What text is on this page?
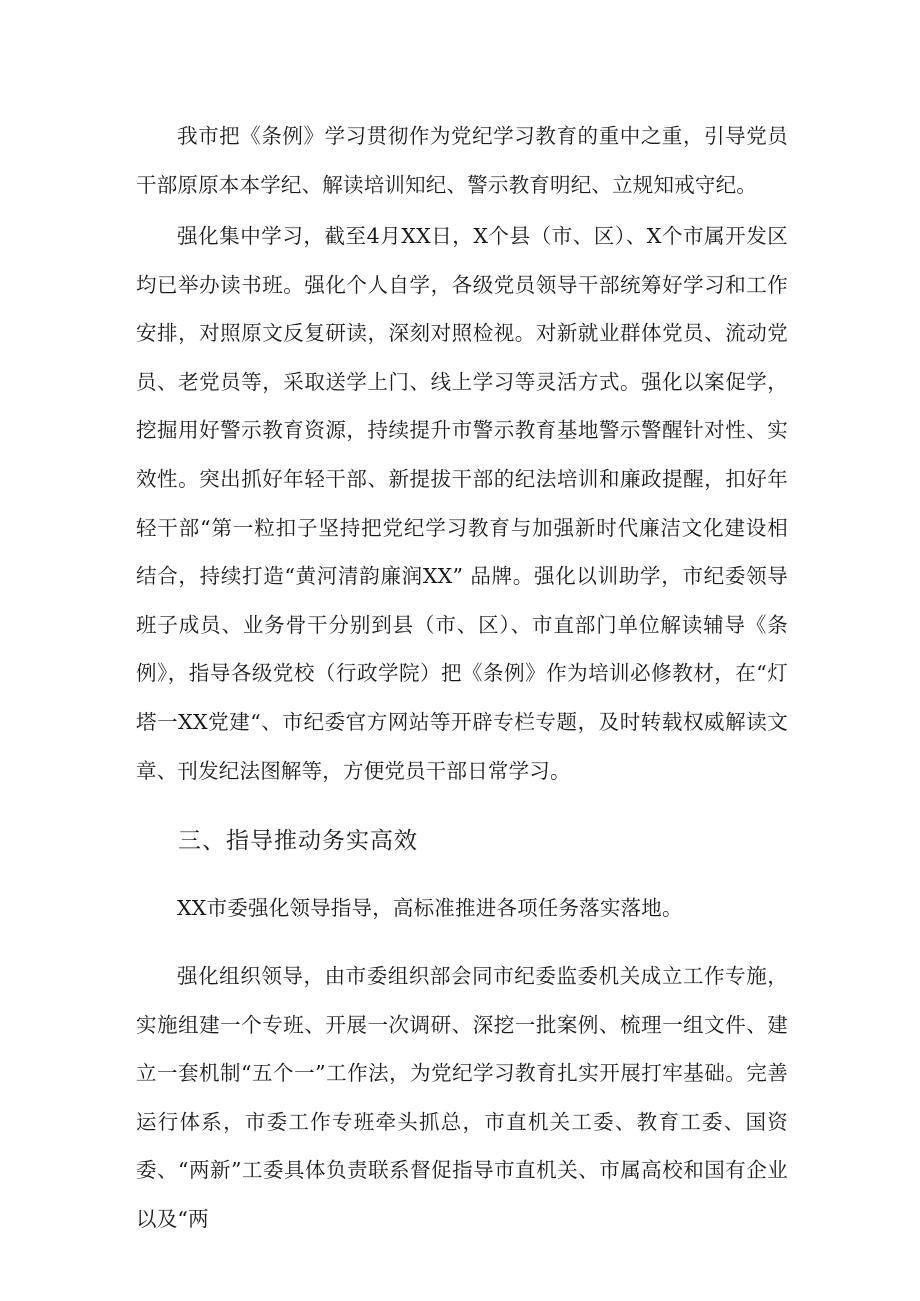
我市把《条例》学习贯彻作为党纪学习教育的重中之重，引导党员干部原原本本学纪、解读培训知纪、警示教育明纪、立规知戒守纪。

强化集中学习，截至4月XX日，X个县（市、区）、X个市属开发区均已举办读书班。强化个人自学，各级党员领导干部统筹好学习和工作安排，对照原文反复研读，深刻对照检视。对新就业群体党员、流动党员、老党员等，采取送学上门、线上学习等灵活方式。强化以案促学，挖掘用好警示教育资源，持续提升市警示教育基地警示警醒针对性、实效性。突出抓好年轻干部、新提拔干部的纪法培训和廉政提醒，扣好年轻干部“第一粒扣子坚持把党纪学习教育与加强新时代廉洁文化建设相结合，持续打造“黄河清韵廉润XX” 品牌。强化以训助学，市纪委领导班子成员、业务骨干分别到县（市、区）、市直部门单位解读辅导《条例》，指导各级党校（行政学院）把《条例》作为培训必修教材，在“灯塔一XX党建“、市纪委官方网站等开辟专栏专题，及时转载权威解读文章、刊发纪法图解等，方便党员干部日常学习。

三、指导推动务实高效

XX市委强化领导指导，高标准推进各项任务落实落地。

强化组织领导，由市委组织部会同市纪委监委机关成立工作专施，实施组建一个专班、开展一次调研、深挖一批案例、梳理一组文件、建立一套机制“五个一”工作法，为党纪学习教育扎实开展打牢基础。完善运行体系，市委工作专班牵头抓总，市直机关工委、教育工委、国资委、“两新”工委具体负责联系督促指导市直机关、市属高校和国有企业以及“两
